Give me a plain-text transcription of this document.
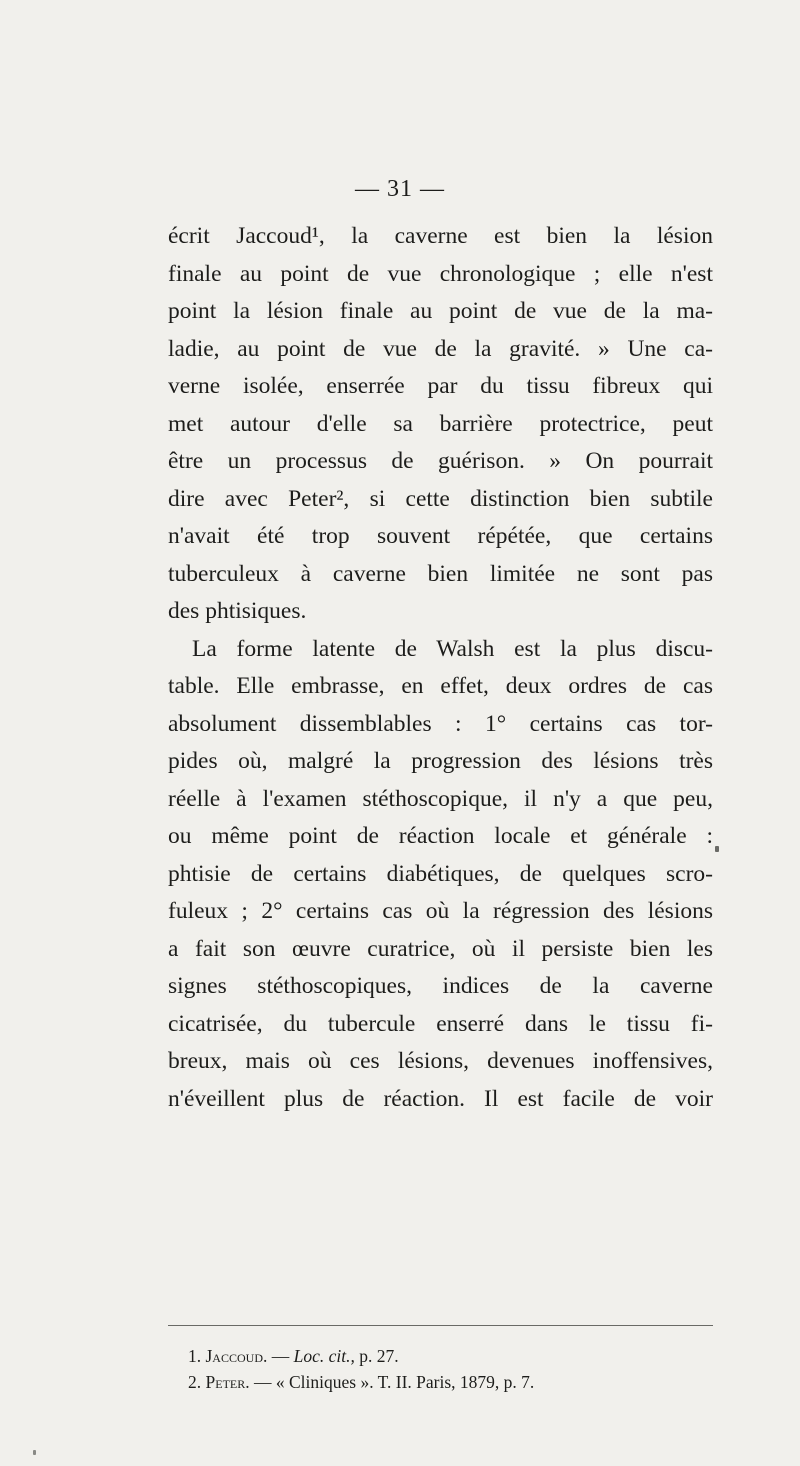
— 31 —
écrit Jaccoud¹, la caverne est bien la lésion
finale au point de vue chronologique ; elle n'est
point la lésion finale au point de vue de la ma-
ladie, au point de vue de la gravité. » Une ca-
verne isolée, enserrée par du tissu fibreux qui
met autour d'elle sa barrière protectrice, peut
être un processus de guérison. » On pourrait
dire avec Peter², si cette distinction bien subtile
n'avait été trop souvent répétée, que certains
tuberculeux à caverne bien limitée ne sont pas
des phtisiques.
La forme latente de Walsh est la plus discu-
table. Elle embrasse, en effet, deux ordres de cas
absolument dissemblables : 1° certains cas tor-
pides où, malgré la progression des lésions très
réelle à l'examen stéthoscopique, il n'y a que peu,
ou même point de réaction locale et générale :
phtisie de certains diabétiques, de quelques scro-
fuleux ; 2° certains cas où la régression des lésions
a fait son œuvre curatrice, où il persiste bien les
signes stéthoscopiques, indices de la caverne
cicatrisée, du tubercule enserré dans le tissu fi-
breux, mais où ces lésions, devenues inoffensives,
n'éveillent plus de réaction. Il est facile de voir
1. Jaccoud. — Loc. cit., p. 27.
2. Peter. — « Cliniques ». T. II. Paris, 1879, p. 7.
